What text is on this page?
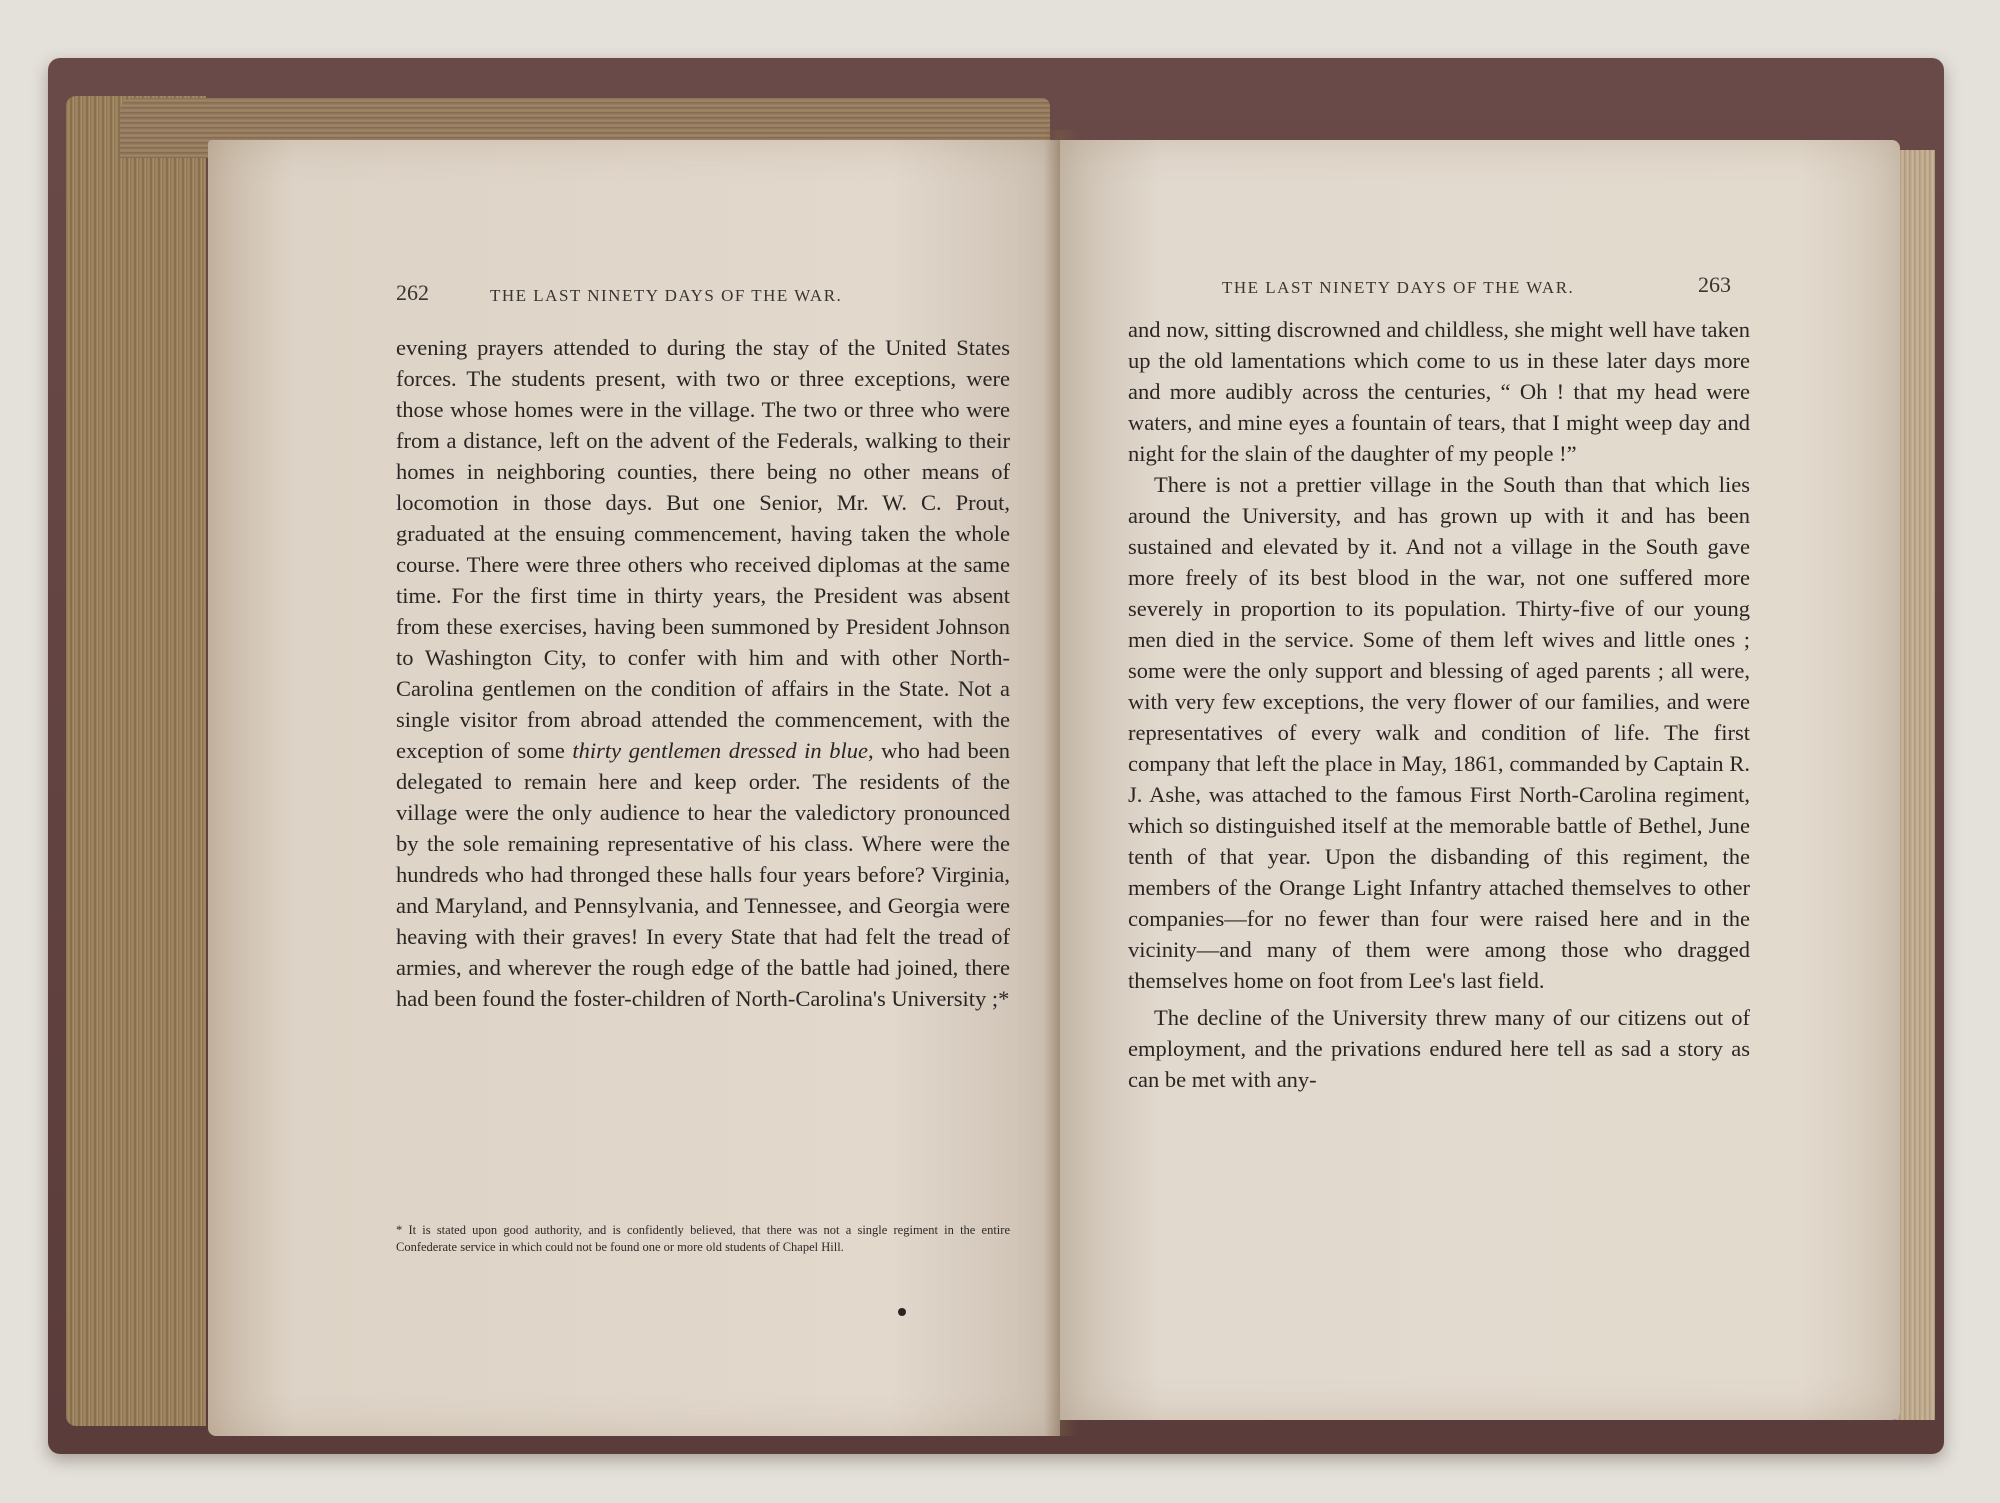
262	THE LAST NINETY DAYS OF THE WAR.

evening prayers attended to during the stay of the United States forces. The students present, with two or three exceptions, were those whose homes were in the village. The two or three who were from a distance, left on the advent of the Federals, walking to their homes in neighboring counties, there being no other means of locomotion in those days. But one Senior, Mr. W. C. Prout, graduated at the ensuing commencement, having taken the whole course. There were three others who received diplomas at the same time. For the first time in thirty years, the President was absent from these exercises, having been summoned by President Johnson to Washington City, to confer with him and with other North-Carolina gentlemen on the condition of affairs in the State. Not a single visitor from abroad attended the commencement, with the exception of some thirty gentlemen dressed in blue, who had been delegated to remain here and keep order. The residents of the village were the only audience to hear the valedictory pronounced by the sole remaining representative of his class. Where were the hundreds who had thronged these halls four years before? Virginia, and Maryland, and Pennsylvania, and Tennessee, and Georgia were heaving with their graves! In every State that had felt the tread of armies, and wherever the rough edge of the battle had joined, there had been found the foster-children of North-Carolina's University ;*

* It is stated upon good authority, and is confidently believed, that there was not a single regiment in the entire Confederate service in which could not be found one or more old students of Chapel Hill.
THE LAST NINETY DAYS OF THE WAR.	263

and now, sitting discrowned and childless, she might well have taken up the old lamentations which come to us in these later days more and more audibly across the centuries, “ Oh ! that my head were waters, and mine eyes a fountain of tears, that I might weep day and night for the slain of the daughter of my people !”

There is not a prettier village in the South than that which lies around the University, and has grown up with it and has been sustained and elevated by it. And not a village in the South gave more freely of its best blood in the war, not one suffered more severely in proportion to its population. Thirty-five of our young men died in the service. Some of them left wives and little ones ; some were the only support and blessing of aged parents ; all were, with very few exceptions, the very flower of our families, and were representatives of every walk and condition of life. The first company that left the place in May, 1861, commanded by Captain R. J. Ashe, was attached to the famous First North-Carolina regiment, which so distinguished itself at the memorable battle of Bethel, June tenth of that year. Upon the disbanding of this regiment, the members of the Orange Light Infantry attached themselves to other companies—for no fewer than four were raised here and in the vicinity—and many of them were among those who dragged themselves home on foot from Lee's last field.

The decline of the University threw many of our citizens out of employment, and the privations endured here tell as sad a story as can be met with any-
